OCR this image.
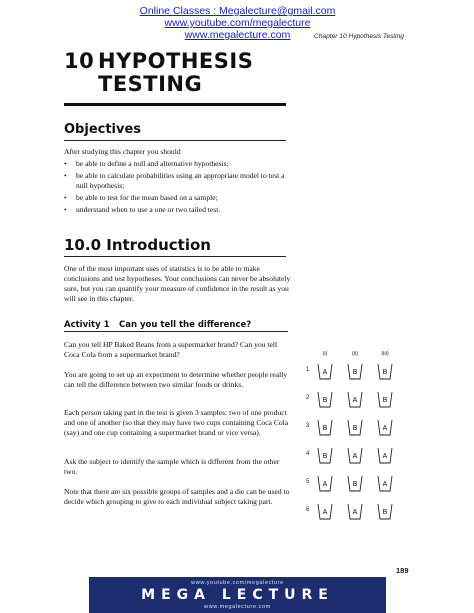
Online Classes : Megalecture@gmail.com
www.youtube.com/megalecture
www.megalecture.com	Chapter 10 Hypothesis Testing
10 HYPOTHESIS
TESTING
Objectives
After studying this chapter you should
• be able to define a null and alternative hypothesis;
• be able to calculate probabilities using an appropriate model to test a null hypothesis;
• be able to test for the mean based on a sample;
• understand when to use a one or two tailed test.
10.0 Introduction
One of the most important uses of statistics is to be able to make conclusions and test hypotheses. Your conclusions can never be absolutely sure, but you can quantify your measure of confidence in the result as you will see in this chapter.
Activity 1 Can you tell the difference?
Can you tell HP Baked Beans from a supermarket brand? Can you tell Coca Cola from a supermarket brand?
You are going to set up an experiment to determine whether people really can tell the difference between two similar foods or drinks.
Each person taking part in the test is given 3 samples: two of one product and one of another (so that they may have two cups containing Coca Cola (say) and one cup containing a supermarket brand or vice versa).
Ask the subject to identify the sample which is different from the other two.
Note that there are six possible groups of samples and a die can be used to decide which grouping to give to each individual subject taking part.
(i)	(ii)	(iii)
1 A	B	B
2 B	A	B
3 B	B	A
4 B	A	A
5 A	B	A
6 A	A	B
189
www.youtube.com/megalecture
MEGA LECTURE
www.megalecture.com
